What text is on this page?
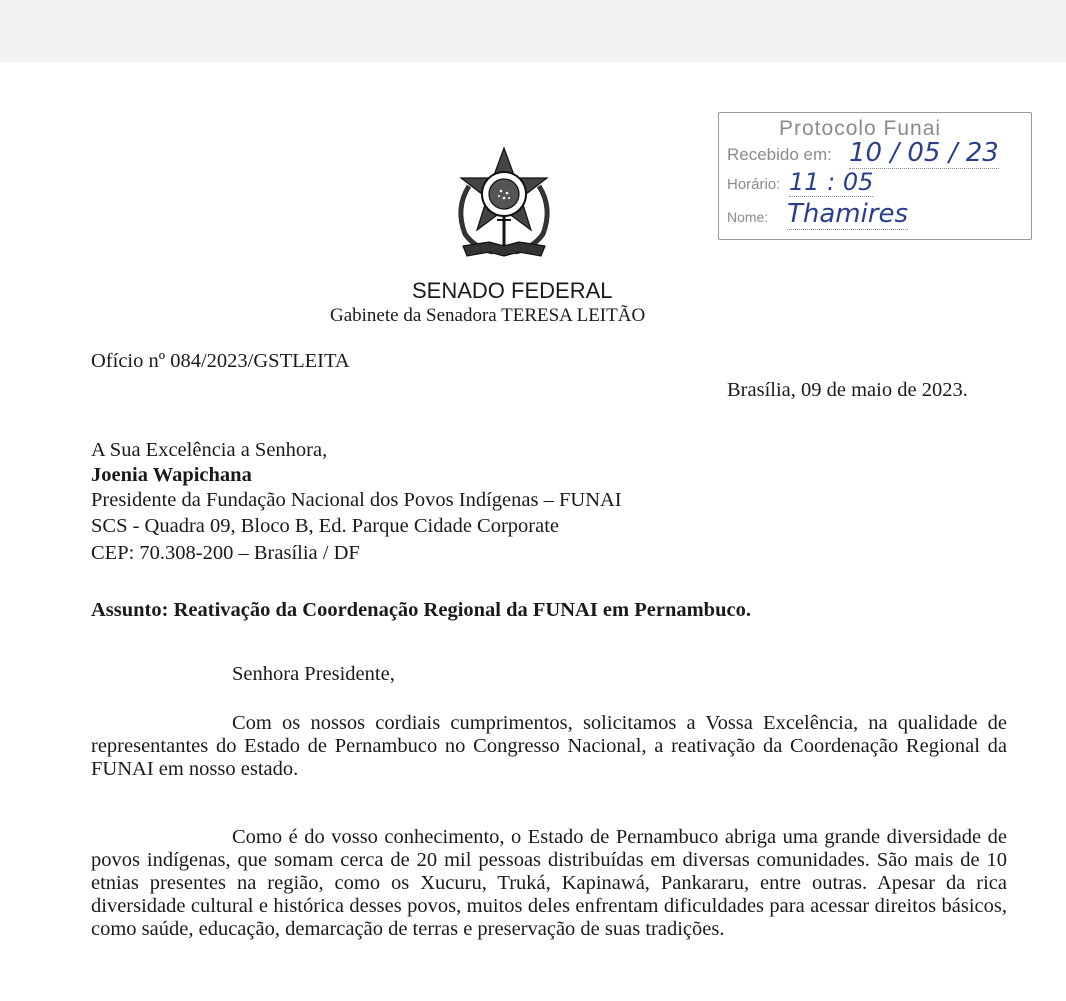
Protocolo Funai
Recebido em: 10 / 05 / 23
Horário: 11 : 05
Nome: Thamires
SENADO FEDERAL
Gabinete da Senadora TERESA LEITÃO
Ofício nº 084/2023/GSTLEITA
Brasília, 09 de maio de 2023.
A Sua Excelência a Senhora,
Joenia Wapichana
Presidente da Fundação Nacional dos Povos Indígenas – FUNAI
SCS - Quadra 09, Bloco B, Ed. Parque Cidade Corporate
CEP: 70.308-200 – Brasília / DF
Assunto: Reativação da Coordenação Regional da FUNAI em Pernambuco.
Senhora Presidente,
Com os nossos cordiais cumprimentos, solicitamos a Vossa Excelência, na qualidade de representantes do Estado de Pernambuco no Congresso Nacional, a reativação da Coordenação Regional da FUNAI em nosso estado.
Como é do vosso conhecimento, o Estado de Pernambuco abriga uma grande diversidade de povos indígenas, que somam cerca de 20 mil pessoas distribuídas em diversas comunidades. São mais de 10 etnias presentes na região, como os Xucuru, Truká, Kapinawá, Pankararu, entre outras. Apesar da rica diversidade cultural e histórica desses povos, muitos deles enfrentam dificuldades para acessar direitos básicos, como saúde, educação, demarcação de terras e preservação de suas tradições.
